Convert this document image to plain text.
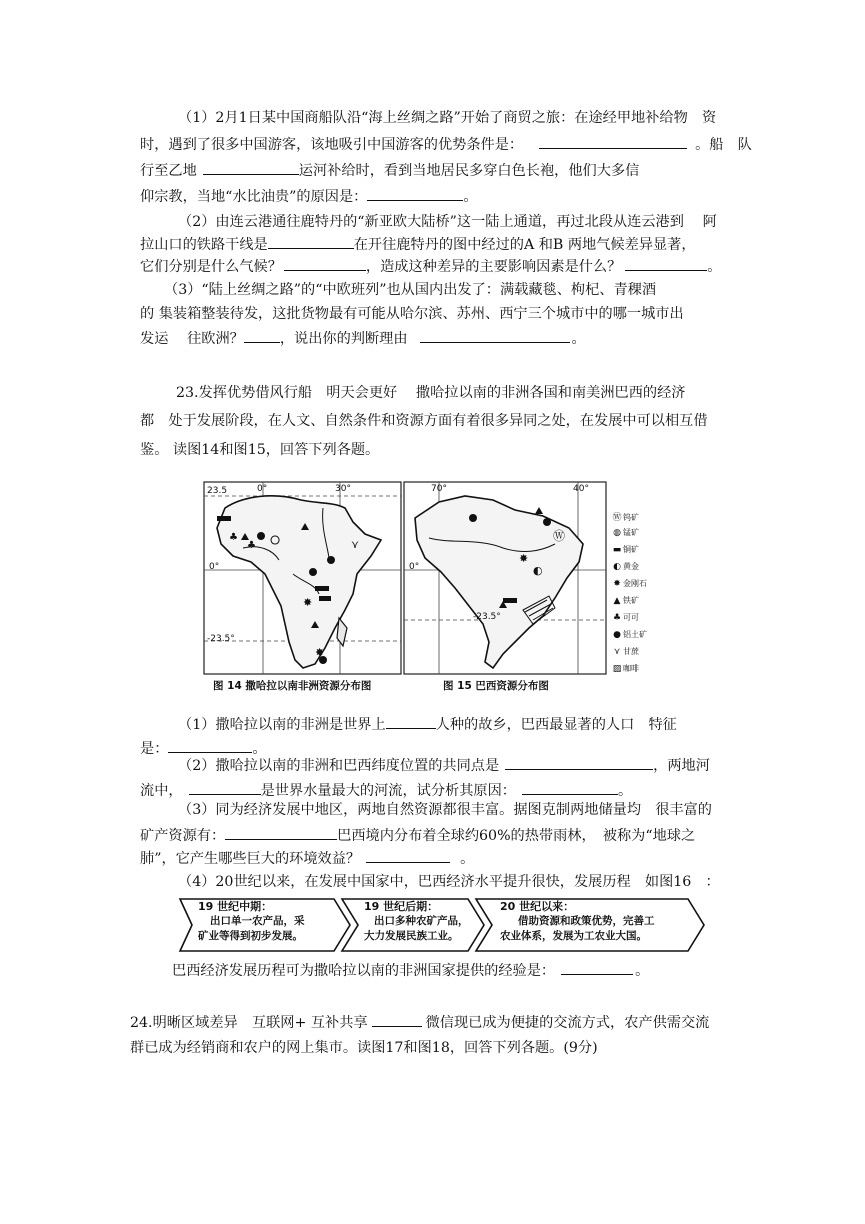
（1）2月1日某中国商船队沿“海上丝绸之路”开始了商贸之旅：在途经甲地补给物　资
时，遇到了很多中国游客，该地吸引中国游客的优势条件是：	。船　队
行至乙地	运河补给时，看到当地居民多穿白色长袍，他们大多信
仰宗教，当地“水比油贵”的原因是：	。
（2）由连云港通往鹿特丹的“新亚欧大陆桥”这一陆上通道，再过北段从连云港到　 阿
拉山口的铁路干线是	在开往鹿特丹的图中经过的A 和B 两地气候差异显著，
它们分别是什么气候？	，造成这种差异的主要影响因素是什么？	。
（3）“陆上丝绸之路”的“中欧班列”也从国内出发了：满载藏毯、枸杞、青稞酒
的 集装箱整装待发，这批货物最有可能从哈尔滨、苏州、西宁三个城市中的哪一城市出
发运　 往欧洲？	，说出你的判断理由	。
23.发挥优势借风行船　明天会更好　 撒哈拉以南的非洲各国和南美洲巴西的经济
都　处于发展阶段，在人文、自然条件和资源方面有着很多异同之处，在发展中可以相互借
鉴。 读图14和图15，回答下列各题。
♣
♣	⋎
✸
✸
✸
Ⓦ
◐
23.5	0°	30°
0°
-23.5°
70°	40°
0°
-23.5°
Ⓦ 钨矿
◍ 锰矿
▬ 铜矿
◐ 黄金
✸ 金刚石
▲ 铁矿
♣ 可可
● 铝土矿
⋎ 甘蔗
▨ 咖啡
图 14 撒哈拉以南非洲资源分布图	图 15 巴西资源分布图
（1）撒哈拉以南的非洲是世界上	人种的故乡，巴西最显著的人口　特征
是：	。
（2）撒哈拉以南的非洲和巴西纬度位置的共同点是	，两地河
流中，	是世界水量最大的河流，试分析其原因：	。
（3）同为经济发展中地区，两地自然资源都很丰富。据图克制两地储量均　很丰富的
矿产资源有：	巴西境内分布着全球约60%的热带雨林，　被称为“地球之
肺”，它产生哪些巨大的环境效益？	。
（4）20世纪以来，在发展中国家中，巴西经济水平提升很快，发展历程　如图16　：
19 世纪中期：
出口单一农产品，采
矿业等得到初步发展。
19 世纪后期：
出口多种农矿产品，
大力发展民族工业。
20 世纪以来：
借助资源和政策优势，完善工
农业体系，发展为工农业大国。
巴西经济发展历程可为撒哈拉以南的非洲国家提供的经验是：	。
24.明晰区域差异　互联网+ 互补共享	微信现已成为便捷的交流方式，农产供需交流
群已成为经销商和农户的网上集市。读图17和图18，回答下列各题。(9分)
